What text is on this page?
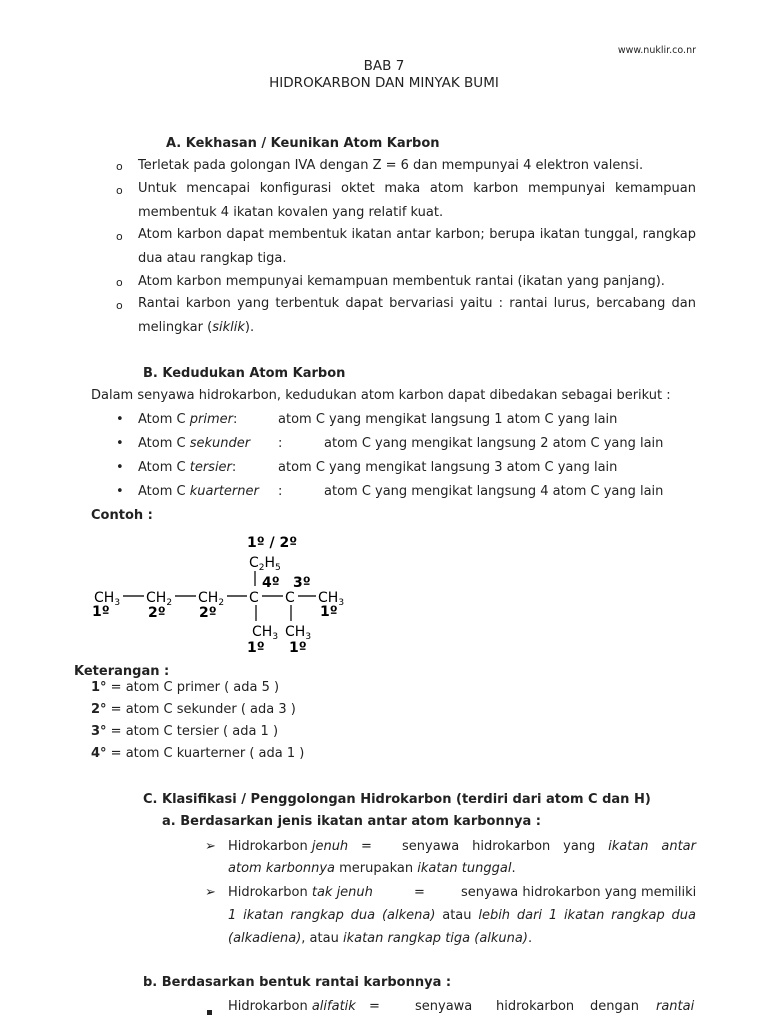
www.nuklir.co.nr
BAB 7
HIDROKARBON DAN MINYAK BUMI
A. Kekhasan / Keunikan Atom Karbon
o Terletak pada golongan IVA dengan Z = 6 dan mempunyai 4 elektron valensi.
o Untuk mencapai konfigurasi oktet maka atom karbon mempunyai kemampuan
membentuk 4 ikatan kovalen yang relatif kuat.
o Atom karbon dapat membentuk ikatan antar karbon; berupa ikatan tunggal, rangkap
dua atau rangkap tiga.
o Atom karbon mempunyai kemampuan membentuk rantai (ikatan yang panjang).
o Rantai karbon yang terbentuk dapat bervariasi yaitu : rantai lurus, bercabang dan
melingkar (siklik).
B. Kedudukan Atom Karbon
Dalam senyawa hidrokarbon, kedudukan atom karbon dapat dibedakan sebagai berikut :
• Atom C primer:	atom C yang mengikat langsung 1 atom C yang lain
• Atom C sekunder :	atom C yang mengikat langsung 2 atom C yang lain
• Atom C tersier:	atom C yang mengikat langsung 3 atom C yang lain
• Atom C kuarterner :	atom C yang mengikat langsung 4 atom C yang lain
Contoh :
1º / 2º
$C_2H_5$
4º 3º
$CH_3$ $CH_2$ $CH_2$ C C $CH_3$
1º	2º 2º	1º
$CH_3$ $CH_3$
1º 1º
Keterangan :
1° = atom C primer ( ada 5 )
2° = atom C sekunder ( ada 3 )
3° = atom C tersier ( ada 1 )
4° = atom C kuarterner ( ada 1 )
C. Klasifikasi / Penggolongan Hidrokarbon (terdiri dari atom C dan H)
a. Berdasarkan jenis ikatan antar atom karbonnya :
➢ Hidrokarbon jenuh = senyawa hidrokarbon yang ikatan antar
atom karbonnya merupakan ikatan tunggal.
➢ Hidrokarbon tak jenuh	=	senyawa hidrokarbon yang memiliki
1 ikatan rangkap dua (alkena) atau lebih dari 1 ikatan rangkap dua
(alkadiena), atau ikatan rangkap tiga (alkuna).
b. Berdasarkan bentuk rantai karbonnya :
Hidrokarbon alifatik =	senyawa hidrokarbon dengan rantai
